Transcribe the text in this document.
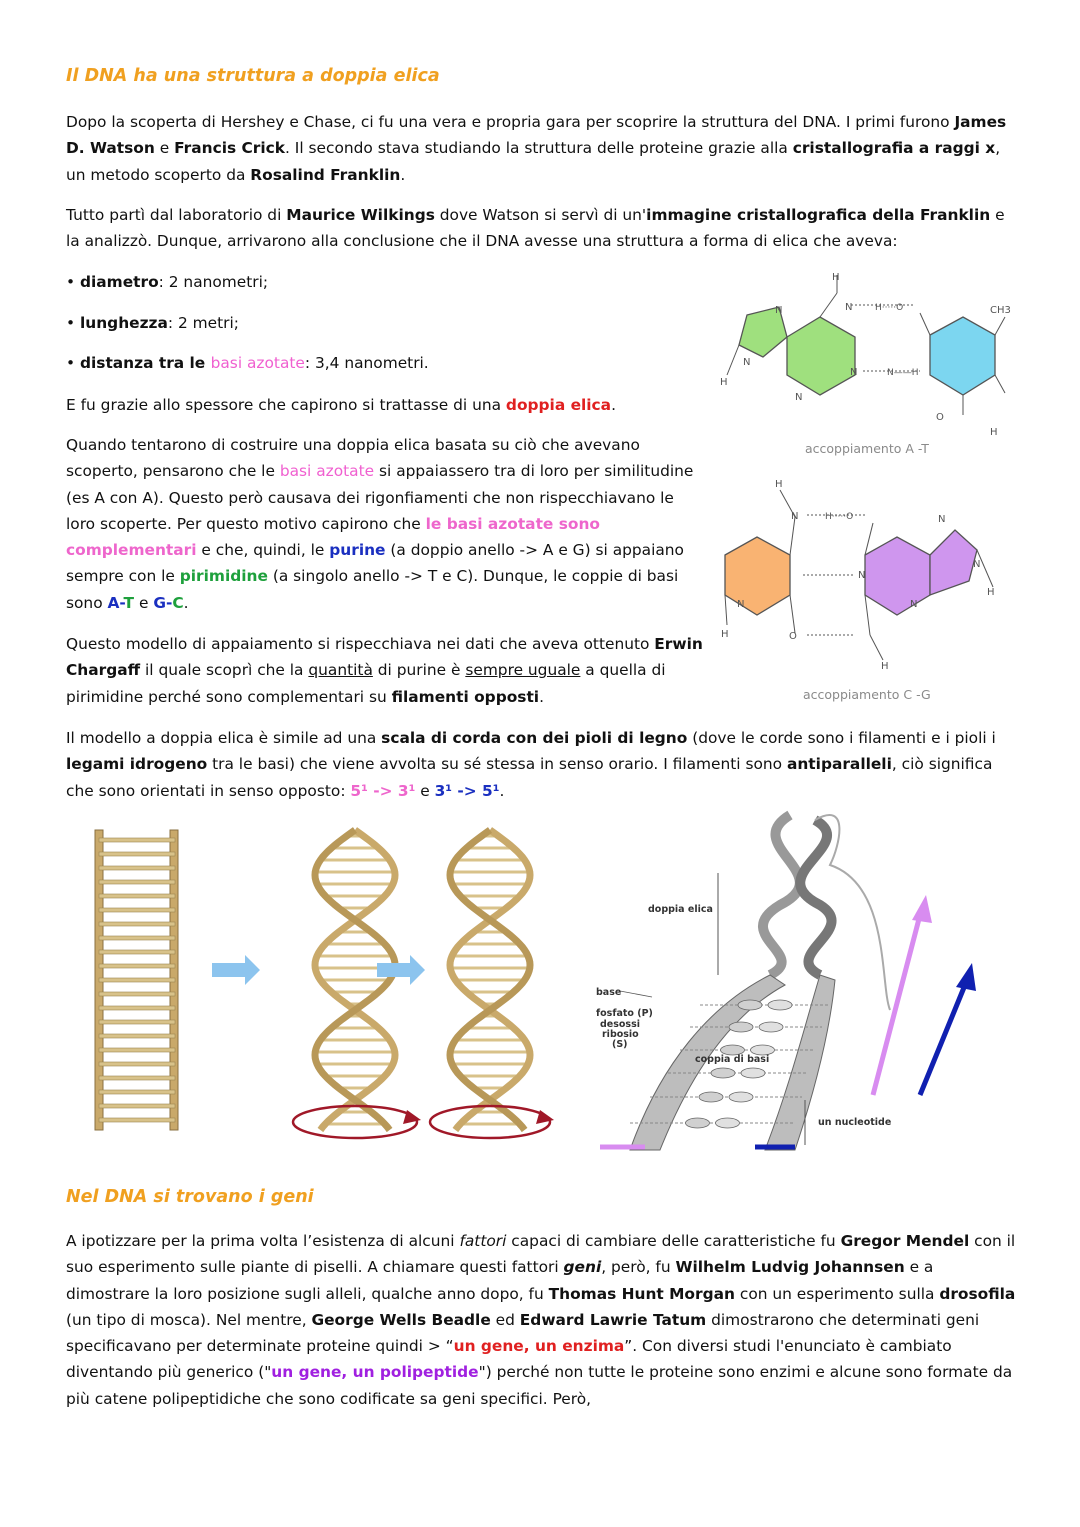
Il DNA ha una struttura a doppia elica

Dopo la scoperta di Hershey e Chase, ci fu una vera e propria gara per scoprire la struttura del DNA. I primi furono James D. Watson e Francis Crick. Il secondo stava studiando la struttura delle proteine grazie alla cristallografia a raggi x, un metodo scoperto da Rosalind Franklin.

Tutto partì dal laboratorio di Maurice Wilkings dove Watson si servì di un'immagine cristallografica della Franklin e la analizzò. Dunque, arrivarono alla conclusione che il DNA avesse una struttura a forma di elica che aveva:

• diametro: 2 nanometri;

• lunghezza: 2 metri;

• distanza tra le basi azotate: 3,4 nanometri.

E fu grazie allo spessore che capirono si trattasse di una doppia elica.

Quando tentarono di costruire una doppia elica basata su ciò che avevano scoperto, pensarono che le basi azotate si appaiassero tra di loro per similitudine (es A con A). Questo però causava dei rigonfiamenti che non rispecchiavano le loro scoperte. Per questo motivo capirono che le basi azotate sono complementari e che, quindi, le purine (a doppio anello -> A e G) si appaiano sempre con le pirimidine (a singolo anello -> T e C). Dunque, le coppie di basi sono A-T e G-C.

Questo modello di appaiamento si rispecchiava nei dati che aveva ottenuto Erwin Chargaff il quale scoprì che la quantità di purine è sempre uguale a quella di pirimidine perché sono complementari su filamenti opposti.

Il modello a doppia elica è simile ad una scala di corda con dei pioli di legno (dove le corde sono i filamenti e i pioli i legami idrogeno tra le basi) che viene avvolta su sé stessa in senso orario. I filamenti sono antiparalleli, ciò significa che sono orientati in senso opposto: 5¹ -> 3¹ e 3¹ -> 5¹.

H
N	H·····O	CH3
N
N
H
N
N	N——H
O
H
accoppiamento A -T
H
N	H·····O	N
N
N
H
N
N
H	O
H
accoppiamento C -G
doppia elica
base
fosfato (P)
desossi
ribosio
(S)
coppia di basi
un nucleotide
Nel DNA si trovano i geni

A ipotizzare per la prima volta l’esistenza di alcuni fattori capaci di cambiare delle caratteristiche fu Gregor Mendel con il suo esperimento sulle piante di piselli. A chiamare questi fattori geni, però, fu Wilhelm Ludvig Johannsen e a dimostrare la loro posizione sugli alleli, qualche anno dopo, fu Thomas Hunt Morgan con un esperimento sulla drosofila (un tipo di mosca). Nel mentre, George Wells Beadle ed Edward Lawrie Tatum dimostrarono che determinati geni specificavano per determinate proteine quindi > “un gene, un enzima”. Con diversi studi l'enunciato è cambiato diventando più generico ("un gene, un polipeptide") perché non tutte le proteine sono enzimi e alcune sono formate da più catene polipeptidiche che sono codificate sa geni specifici. Però,
